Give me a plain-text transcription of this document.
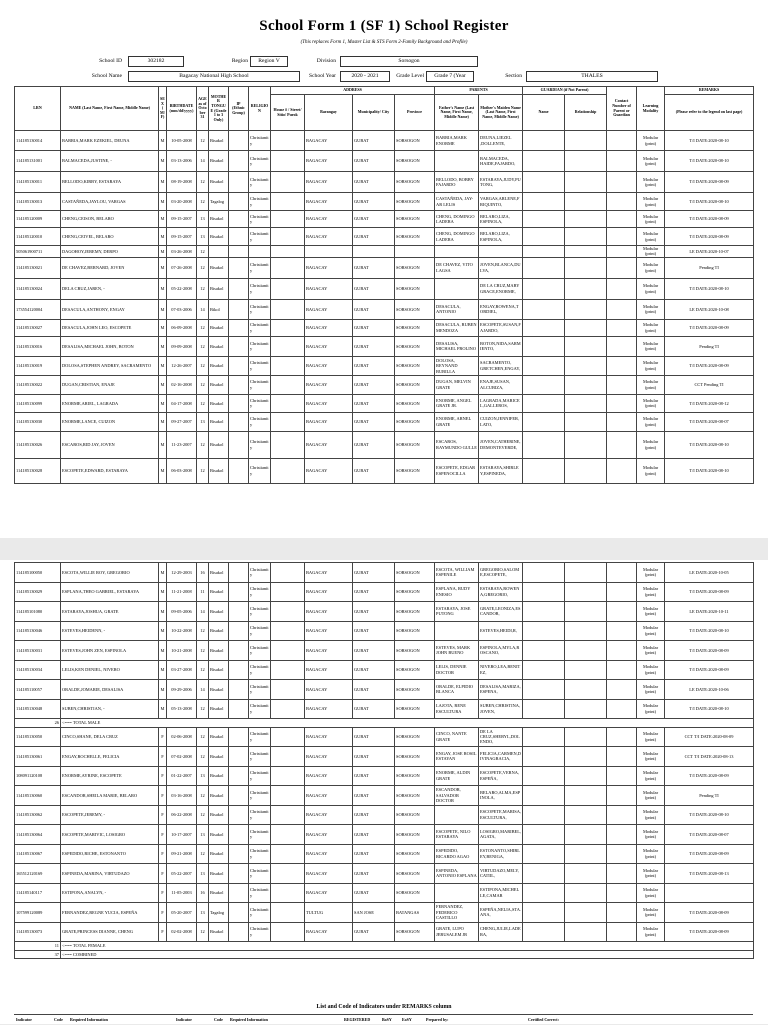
School Form 1 (SF 1) School Register
(This replaces Form 1, Master List & STS Form 2-Family Background and Profile)
School ID	302182	Region	Region V	Division	Sorsogon
School Name	Bagacay National High School	School Year	2020 - 2021	Grade Level	Grade 7 (Year	Section	THALES
LRN	NAME (Last Name, First Name, Middle Name)	SEX (M/F)	BIRTHDATE (mm/dd/yyyy)	AGE as of October 31	MOTHER TONGUE (Grade 1 to 3 Only)	IP (Ethnic Group)	RELIGION	ADDRESS				PARENTS		GUARDIAN (if Not Parent)		Contact Number of Parent or Guardian	Learning Modality	REMARKS
								House # / Street/ Sitio/ Purok	Barangay	Municipality/ City	Province	Father's Name (Last Name, First Name, Middle Name)	Mother's Maiden Name (Last Name, First Name, Middle Name)	Name	Relationship			(Please refer to the legend on last page)
114185130014	BARRIA,MARK EZEKIEL, DEUNA	M	10-05-2008	12	Bisakol		Christianity		BAGACAY	GUBAT	SORSOGON	BARRIA,MARK ENORME	DEUNA,LIEZEL ,DOLLENTE,				Modular (print)	T/I DATE:2020-08-10
114185131001	BALMACEDA,JUSTINE, -	M	03-13-2006	14	Bisakol		Christianity		BAGACAY	GUBAT	SORSOGON		BALMACEDA, HAIDE,FAJARDO,				Modular (print)	T/I DATE:2020-08-10
114185130011	BELLODO,KIRBY, ESTARAYA	M	08-19-2008	12	Bisakol		Christianity		BAGACAY	GUBAT	SORSOGON	BELLODO, BOBBY FAJARDO	ESTARAYA,JUDY,PUTONG,				Modular (print)	T/I DATE:2020-08-09
114185130013	CASTAÑEDA,JAYLOU, VARGAS	M	03-20-2008	12	Tagalog		Christianity		BAGACAY	GUBAT	SORSOGON	CASTAÑEDA, JAY-AR LELIS	VARGAS,ARLENE,FRIQUINTO,				Modular (print)	T/I DATE:2020-08-10
114185120009	CHENG,CEISON, BELARO	M	09-15-2007	13	Bisakol		Christianity		BAGACAY	GUBAT	SORSOGON	CHENG, DOMINGO LADERA	BELARO,LIZA, ESPINOLA,				Modular (print)	T/I DATE:2020-08-09
114185120010	CHENG,CEIVEL, BELARO	M	09-15-2007	13	Bisakol		Christianity		BAGACAY	GUBAT	SORSOGON	CHENG, DOMINGO LADERA	BELARO,LIZA, ESPINOLA,				Modular (print)	T/I DATE:2020-08-09
505061900711	DAGOHOY,JEREMY, DERPO	M	03-26-2008	12													Modular (print)	LE DATE:2020-10-07
114185130021	DE CHAVEZ,BERNARD, JOVEN	M	07-26-2008	12	Bisakol		Christianity		BAGACAY	GUBAT	SORSOGON	DE CHAVEZ, VITO LAGSA	JOVEN,BLANCA,DULVA,				Modular (print)	Pending TI
114185130024	DELA CRUZ,JAREN, -	M	05-22-2008	12	Bisakol		Christianity		BAGACAY	GUBAT	SORSOGON		DE LA CRUZ,MARY GRACE,ENORME,				Modular (print)	T/I DATE:2020-08-10
173554120004	DESACULA,ANTHONY, ENGAY	M	07-03-2006	14	Bikol		Christianity		BAGACAY	GUBAT	SORSOGON	DESACULA, ANTONIO	ENGAY,ROWENA,TORDIEL,				Modular (print)	LE DATE:2020-10-08
114185130027	DESACULA,JOHN LEO, ESCOPETE	M	06-09-2008	12	Bisakol		Christianity		BAGACAY	GUBAT	SORSOGON	DESACULA, RUBEN MENDOZA	ESCOPETE,SUSAN,FAJARDO,				Modular (print)	T/I DATE:2020-08-09
114185130016	DESALISA,MICHAEL JOHN, BOTON	M	09-09-2008	12	Bisakol		Christianity		BAGACAY	GUBAT	SORSOGON	DESALISA, MICHAEL FROLINO	BOTON,NIDA,SARMIENTO,				Modular (print)	Pending TI
114185130019	DOLOSA,STEPHEN ANDREY, SACRAMENTO	M	12-26-2007	12	Bisakol		Christianity		BAGACAY	GUBAT	SORSOGON	DOLOSA, REYNAND BUBILLA	SACRAMENTO, GRETCHEN,ENGAY,				Modular (print)	T/I DATE:2020-08-09
114185130022	DUGAN,CRISTIAN, ENAJE	M	02-16-2008	12	Bisakol		Christianity		BAGACAY	GUBAT	SORSOGON	DUGAN, MELVIN GRATE	ENAJE,SUSAN, ALCUBIZA,				Modular (print)	CCT Pending TI
114185130099	ENORME,ARIEL, LAGRADA	M	04-17-2008	12	Bisakol		Christianity		BAGACAY	GUBAT	SORSOGON	ENORME, ANGEL GRATE JR.	LAGRADA,MARICEL,GALLEROS,				Modular (print)	T/I DATE:2020-08-12
114185130030	ENORME,LANCE, CUIZON	M	09-27-2007	13	Bisakol		Christianity		BAGACAY	GUBAT	SORSOGON	ENORME, ARNEL GRATE	CUIZON,JENNIFER,LATO,				Modular (print)	T/I DATE:2020-08-07
114185130026	ESCAROS,RID JAY, JOVEN	M	11-23-2007	12	Bisakol		Christianity		BAGACAY	GUBAT	SORSOGON	ESCAROS, RAYMUNDO GULLE	JOVEN,CATHERINE,DEMONTEVERDE,				Modular (print)	T/I DATE:2020-08-10
114185130028	ESCOPETE,EDWARD, ESTARAYA	M	06-03-2008	12	Bisakol		Christianity		BAGACAY	GUBAT	SORSOGON	ESCOPETE, EDGAR ESPENOCILLA	ESTARAYA,SHIRLEY,ESPINEDA,				Modular (print)	T/I DATE:2020-08-10
114185100050	ESCOTA,WILLIE ROY, GREGORIO	M	12-29-2003	16	Bisakol		Christianity		BAGACAY	GUBAT	SORSOGON	ESCOTA, WILLIAM ESPENILE	GREGORIO,SALOME,ESCOPETE,				Modular (print)	LE DATE:2020-10-05
114185130029	ESPLANA,THEO GABRIEL, ESTARAYA	M	11-21-2008	11	Bisakol		Christianity		BAGACAY	GUBAT	SORSOGON	ESPLANA, RUDY ENESIO	ESTARAYA,ROWENA,GREGORIO,				Modular (print)	T/I DATE:2020-08-09
114185101080	ESTARAYA,JOSHUA, GRATE	M	09-05-2006	14	Bisakol		Christianity		BAGACAY	GUBAT	SORSOGON	ESTARAYA, JOSE PUTONG	GRATE,LEONIZA,ESCANDOR,				Modular (print)	LE DATE:2020-10-11
114185130046	ESTEVES,HEIDENN, -	M	10-22-2008	12	Bisakol		Christianity		BAGACAY	GUBAT	SORSOGON		ESTEVES,HEIDI,R,				Modular (print)	T/I DATE:2020-08-10
114185130031	ESTEVES,JOHN ZEN, ESPINOLA	M	10-21-2008	12	Bisakol		Christianity		BAGACAY	GUBAT	SORSOGON	ESTEVES, MARK JOHN BUENO	ESPINOLA,MYLA,ROSCANO,				Modular (print)	T/I DATE:2020-08-09
114185130034	LELIS,KEN DENIEL, NIVERO	M	03-27-2008	12	Bisakol		Christianity		BAGACAY	GUBAT	SORSOGON	LELIS, DENNIE DOCTOR	NIVERO,LEA,BENITEZ,				Modular (print)	T/I DATE:2020-08-09
114185110057	ORALDE,JOMARIE, DESALISA	M	09-29-2006	14	Bisakol		Christianity		BAGACAY	GUBAT	SORSOGON	ORALDE, ELPIDIO BLANCA	DESALISA,MARIZA,ESPENA,				Modular (print)	LE DATE:2020-10-06
114185130048	SUBEN,CHRISTIAN, -	M	05-13-2008	12	Bisakol		Christianity		BAGACAY	GUBAT	SORSOGON	LAJOTA, RENE ESCULTURA	SUBEN,CHRISTINA,JOVEN,				Modular (print)	T/I DATE:2020-08-10
26	<=== TOTAL MALE																	
114185130050	CINCO,SHANE, DELA CRUZ	F	02-06-2008	12	Bisakol		Christianity		BAGACAY	GUBAT	SORSOGON	CINCO, NANTE GRATE	DE LA CRUZ,SHERYL,DOLENDO,				Modular (print)	CCT T/I DATE:2020-08-09
114185130061	ENGAY,ROCHELLE, FELICIA	F	07-02-2008	12	Bisakol		Christianity		BAGACAY	GUBAT	SORSOGON	ENGAY, JOSE ROSIL ESTAYAN	FELICIA,CARMEN,DIVINAGRACIA,				Modular (print)	CCT T/I DATE:2020-08-13
108091120108	ENORME,AYRINE, ESCOPETE	F	01-22-2007	13	Bisakol		Christianity		BAGACAY	GUBAT	SORSOGON	ENORME, ALDIN GRATE	ESCOPETE,VERNA,ESPEÑA,				Modular (print)	T/I DATE:2020-08-09
114185130060	ESCANDOR,SHEILA MARIE, BELARO	F	03-16-2008	12	Bisakol		Christianity		BAGACAY	GUBAT	SORSOGON	ESCANDOR, SALVADOR DOCTOR	BELARO,ALMA,ESPINOLA,				Modular (print)	Pending TI
114185130062	ESCOPETE,JEREMY, -	F	06-22-2008	12	Bisakol		Christianity		BAGACAY	GUBAT	SORSOGON		ESCOPETE,MARISA,ESCULTURA,				Modular (print)	T/I DATE:2020-08-10
114185130064	ESCOPETE,MARIVIC, LOSIGRO	F	10-17-2007	13	Bisakol		Christianity		BAGACAY	GUBAT	SORSOGON	ESCOPETE, NILO ESTARAYA	LOSIGRO,MARIBEL,AGATA,				Modular (print)	T/I DATE:2020-08-07
114185130067	ESPEDIDO,RICHE, ESTONANTO	F	09-21-2008	12	Bisakol		Christianity		BAGACAY	GUBAT	SORSOGON	ESPEDIDO, RICARDO AGAO	ESTONANTO,SHIRLEY,BENIGA,				Modular (print)	T/I DATE:2020-08-09
165512120169	ESPINEDA,MARINA, VIRTUDAZO	F	05-22-2007	13	Bisakol		Christianity		BAGACAY	GUBAT	SORSOGON	ESPINEDA, ANTONIO ESPLANA	VIRTUDAZO,MELY,CATIIL,				Modular (print)	T/I DATE:2020-08-13
114185140117	ESTIPONA,ANALYN, -	F	11-05-2003	16	Bisakol		Christianity		BAGACAY	GUBAT	SORSOGON		ESTIPONA,MICHELLE,CAMAR				Modular (print)	
107599120089	FERNANDEZ,REGNE YUCIA, ESPEÑA	F	05-20-2007	13	Tagalog		Christianity		TULTUG	SAN JOSE	BATANGAS	FERNANDEZ, FEDERICO CASTILLO	ESPEÑA,NELIA,STA.ANA,				Modular (print)	T/I DATE:2020-08-09
114185130073	GRATE,PRINCESS DIANNE, CHENG	F	02-02-2008	12	Bisakol		Christianity		BAGACAY	GUBAT	SORSOGON	GRATE, LUPO JERUSALEM JR	CHENG,JULIE,LADERA,				Modular (print)	T/I DATE:2020-08-09
11	<=== TOTAL FEMALE																	
37	<=== COMBINED																	
List and Code of Indicators under REMARKS column
Indicator	Code Required Information	Indicator	Code Required Information	REGISTERED	BoSY	EoSY	Prepared by:	Certified Correct:
